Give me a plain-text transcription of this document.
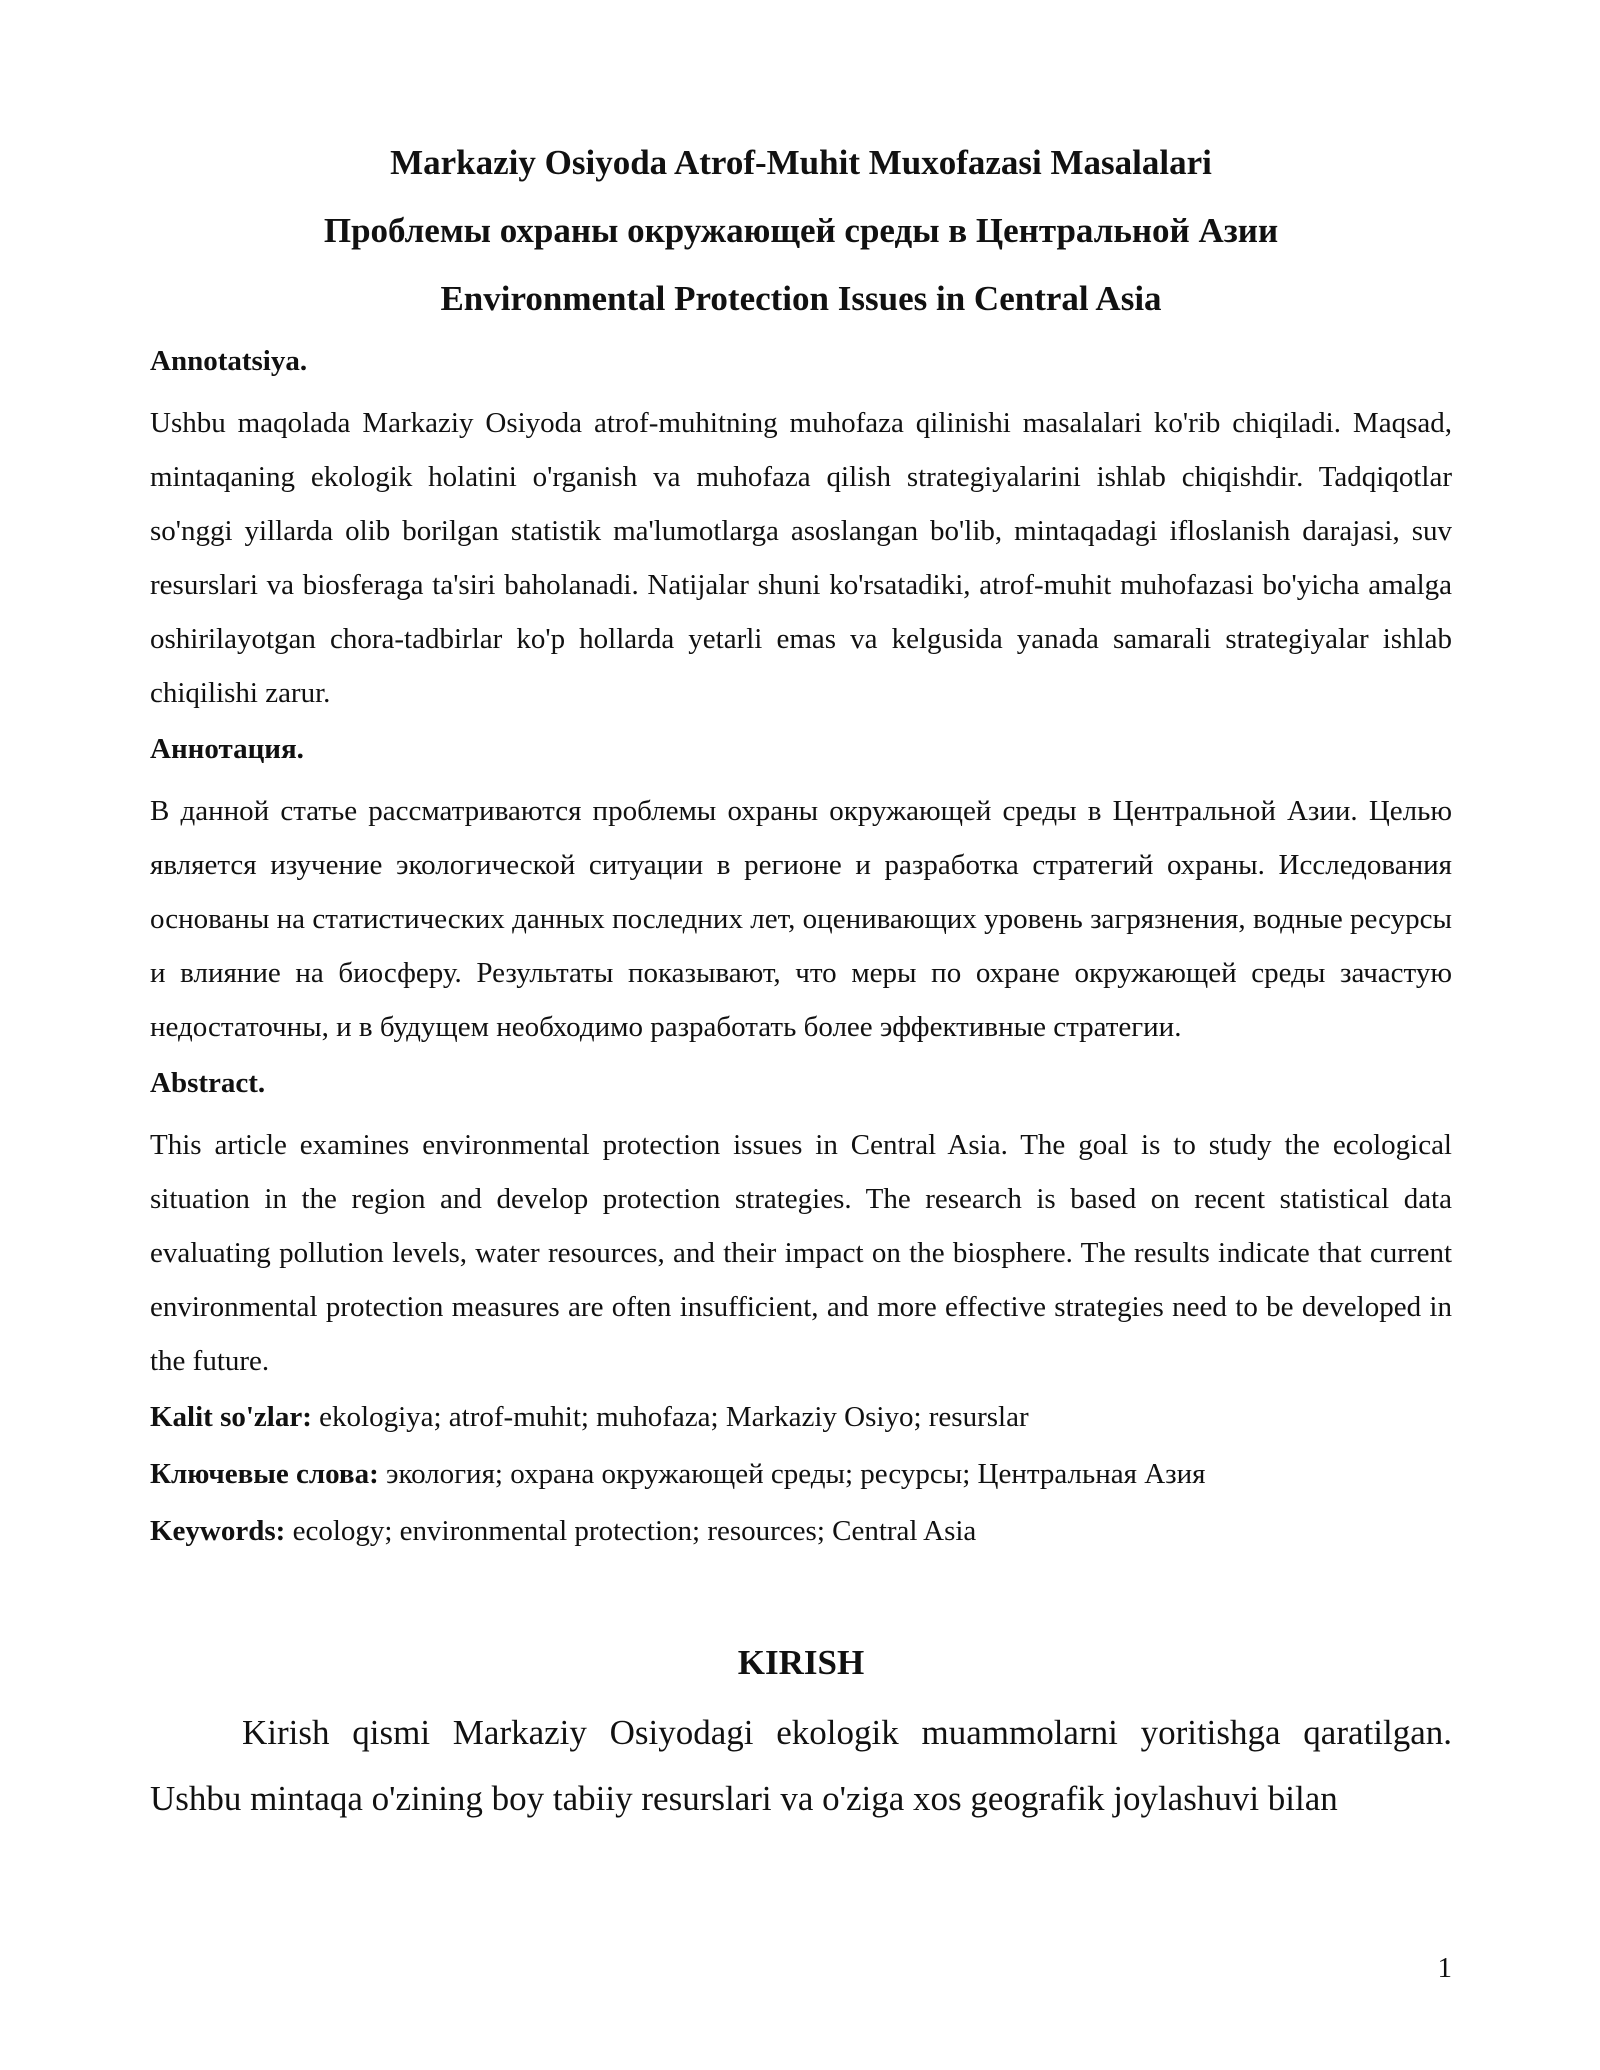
Markaziy Osiyoda Atrof-Muhit Muxofazasi Masalalari
Проблемы охраны окружающей среды в Центральной Азии
Environmental Protection Issues in Central Asia
Annotatsiya.
Ushbu maqolada Markaziy Osiyoda atrof-muhitning muhofaza qilinishi masalalari ko'rib chiqiladi. Maqsad, mintaqaning ekologik holatini o'rganish va muhofaza qilish strategiyalarini ishlab chiqishdir. Tadqiqotlar so'nggi yillarda olib borilgan statistik ma'lumotlarga asoslangan bo'lib, mintaqadagi ifloslanish darajasi, suv resurslari va biosferaga ta'siri baholanadi. Natijalar shuni ko'rsatadiki, atrof-muhit muhofazasi bo'yicha amalga oshirilayotgan chora-tadbirlar ko'p hollarda yetarli emas va kelgusida yanada samarali strategiyalar ishlab chiqilishi zarur.
Аннотация.
В данной статье рассматриваются проблемы охраны окружающей среды в Центральной Азии. Целью является изучение экологической ситуации в регионе и разработка стратегий охраны. Исследования основаны на статистических данных последних лет, оценивающих уровень загрязнения, водные ресурсы и влияние на биосферу. Результаты показывают, что меры по охране окружающей среды зачастую недостаточны, и в будущем необходимо разработать более эффективные стратегии.
Abstract.
This article examines environmental protection issues in Central Asia. The goal is to study the ecological situation in the region and develop protection strategies. The research is based on recent statistical data evaluating pollution levels, water resources, and their impact on the biosphere. The results indicate that current environmental protection measures are often insufficient, and more effective strategies need to be developed in the future.
Kalit so'zlar: ekologiya; atrof-muhit; muhofaza; Markaziy Osiyo; resurslar
Ключевые слова: экология; охрана окружающей среды; ресурсы; Центральная Азия
Keywords: ecology; environmental protection; resources; Central Asia
KIRISH
Kirish qismi Markaziy Osiyodagi ekologik muammolarni yoritishga qaratilgan. Ushbu mintaqa o'zining boy tabiiy resurslari va o'ziga xos geografik joylashuvi bilan
1
